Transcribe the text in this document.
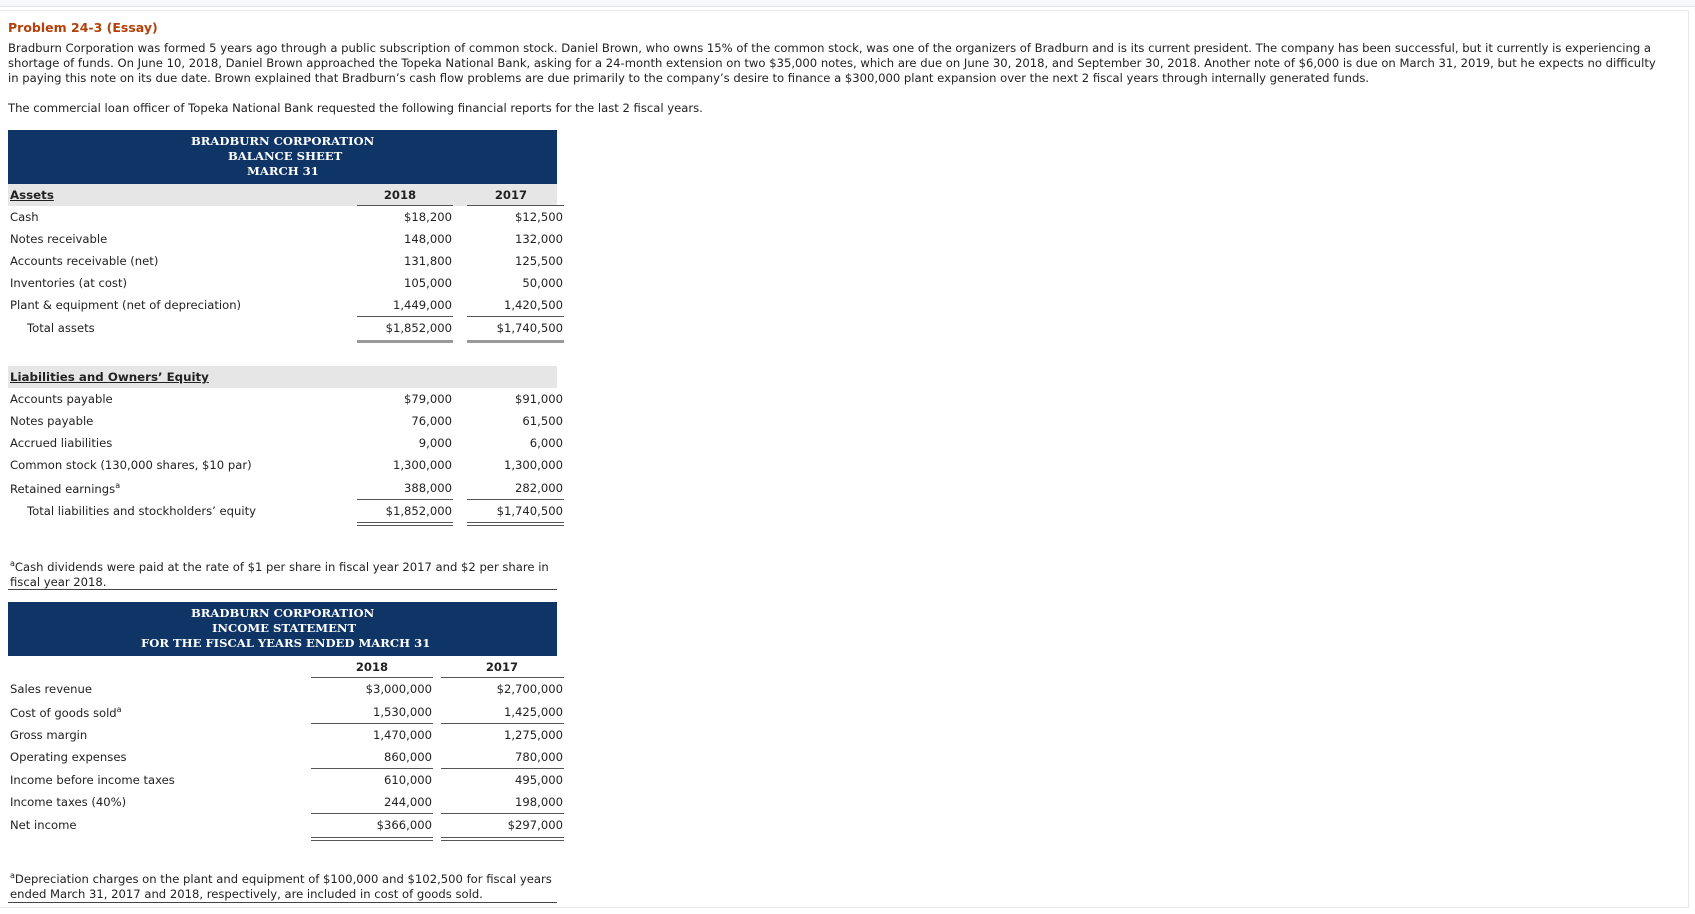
Problem 24-3 (Essay)

Bradburn Corporation was formed 5 years ago through a public subscription of common stock. Daniel Brown, who owns 15% of the common stock, was one of the organizers of Bradburn and is its current president. The company has been successful, but it currently is experiencing a shortage of funds. On June 10, 2018, Daniel Brown approached the Topeka National Bank, asking for a 24-month extension on two $35,000 notes, which are due on June 30, 2018, and September 30, 2018. Another note of $6,000 is due on March 31, 2019, but he expects no difficulty in paying this note on its due date. Brown explained that Bradburn’s cash flow problems are due primarily to the company’s desire to finance a $300,000 plant expansion over the next 2 fiscal years through internally generated funds.

The commercial loan officer of Topeka National Bank requested the following financial reports for the last 2 fiscal years.

BRADBURN CORPORATION
BALANCE SHEET
MARCH 31
Assets	2018	2017
Cash	$18,200	$12,500
Notes receivable	148,000	132,000
Accounts receivable (net)	131,800	125,500
Inventories (at cost)	105,000	50,000
Plant & equipment (net of depreciation)	1,449,000	1,420,500
Total assets	$1,852,000	$1,740,500
Liabilities and Owners’ Equity
Accounts payable	$79,000	$91,000
Notes payable	76,000	61,500
Accrued liabilities	9,000	6,000
Common stock (130,000 shares, $10 par)	1,300,000	1,300,000
Retained earnings$^a$	388,000	282,000
Total liabilities and stockholders’ equity	$1,852,000	$1,740,500
$^a$Cash dividends were paid at the rate of $1 per share in fiscal year 2017 and $2 per share in fiscal year 2018.
BRADBURN CORPORATION
INCOME STATEMENT
FOR THE FISCAL YEARS ENDED MARCH 31
2018	2017
Sales revenue	$3,000,000	$2,700,000
Cost of goods sold$^a$	1,530,000	1,425,000
Gross margin	1,470,000	1,275,000
Operating expenses	860,000	780,000
Income before income taxes	610,000	495,000
Income taxes (40%)	244,000	198,000
Net income	$366,000	$297,000
$^a$Depreciation charges on the plant and equipment of $100,000 and $102,500 for fiscal years ended March 31, 2017 and 2018, respectively, are included in cost of goods sold.
